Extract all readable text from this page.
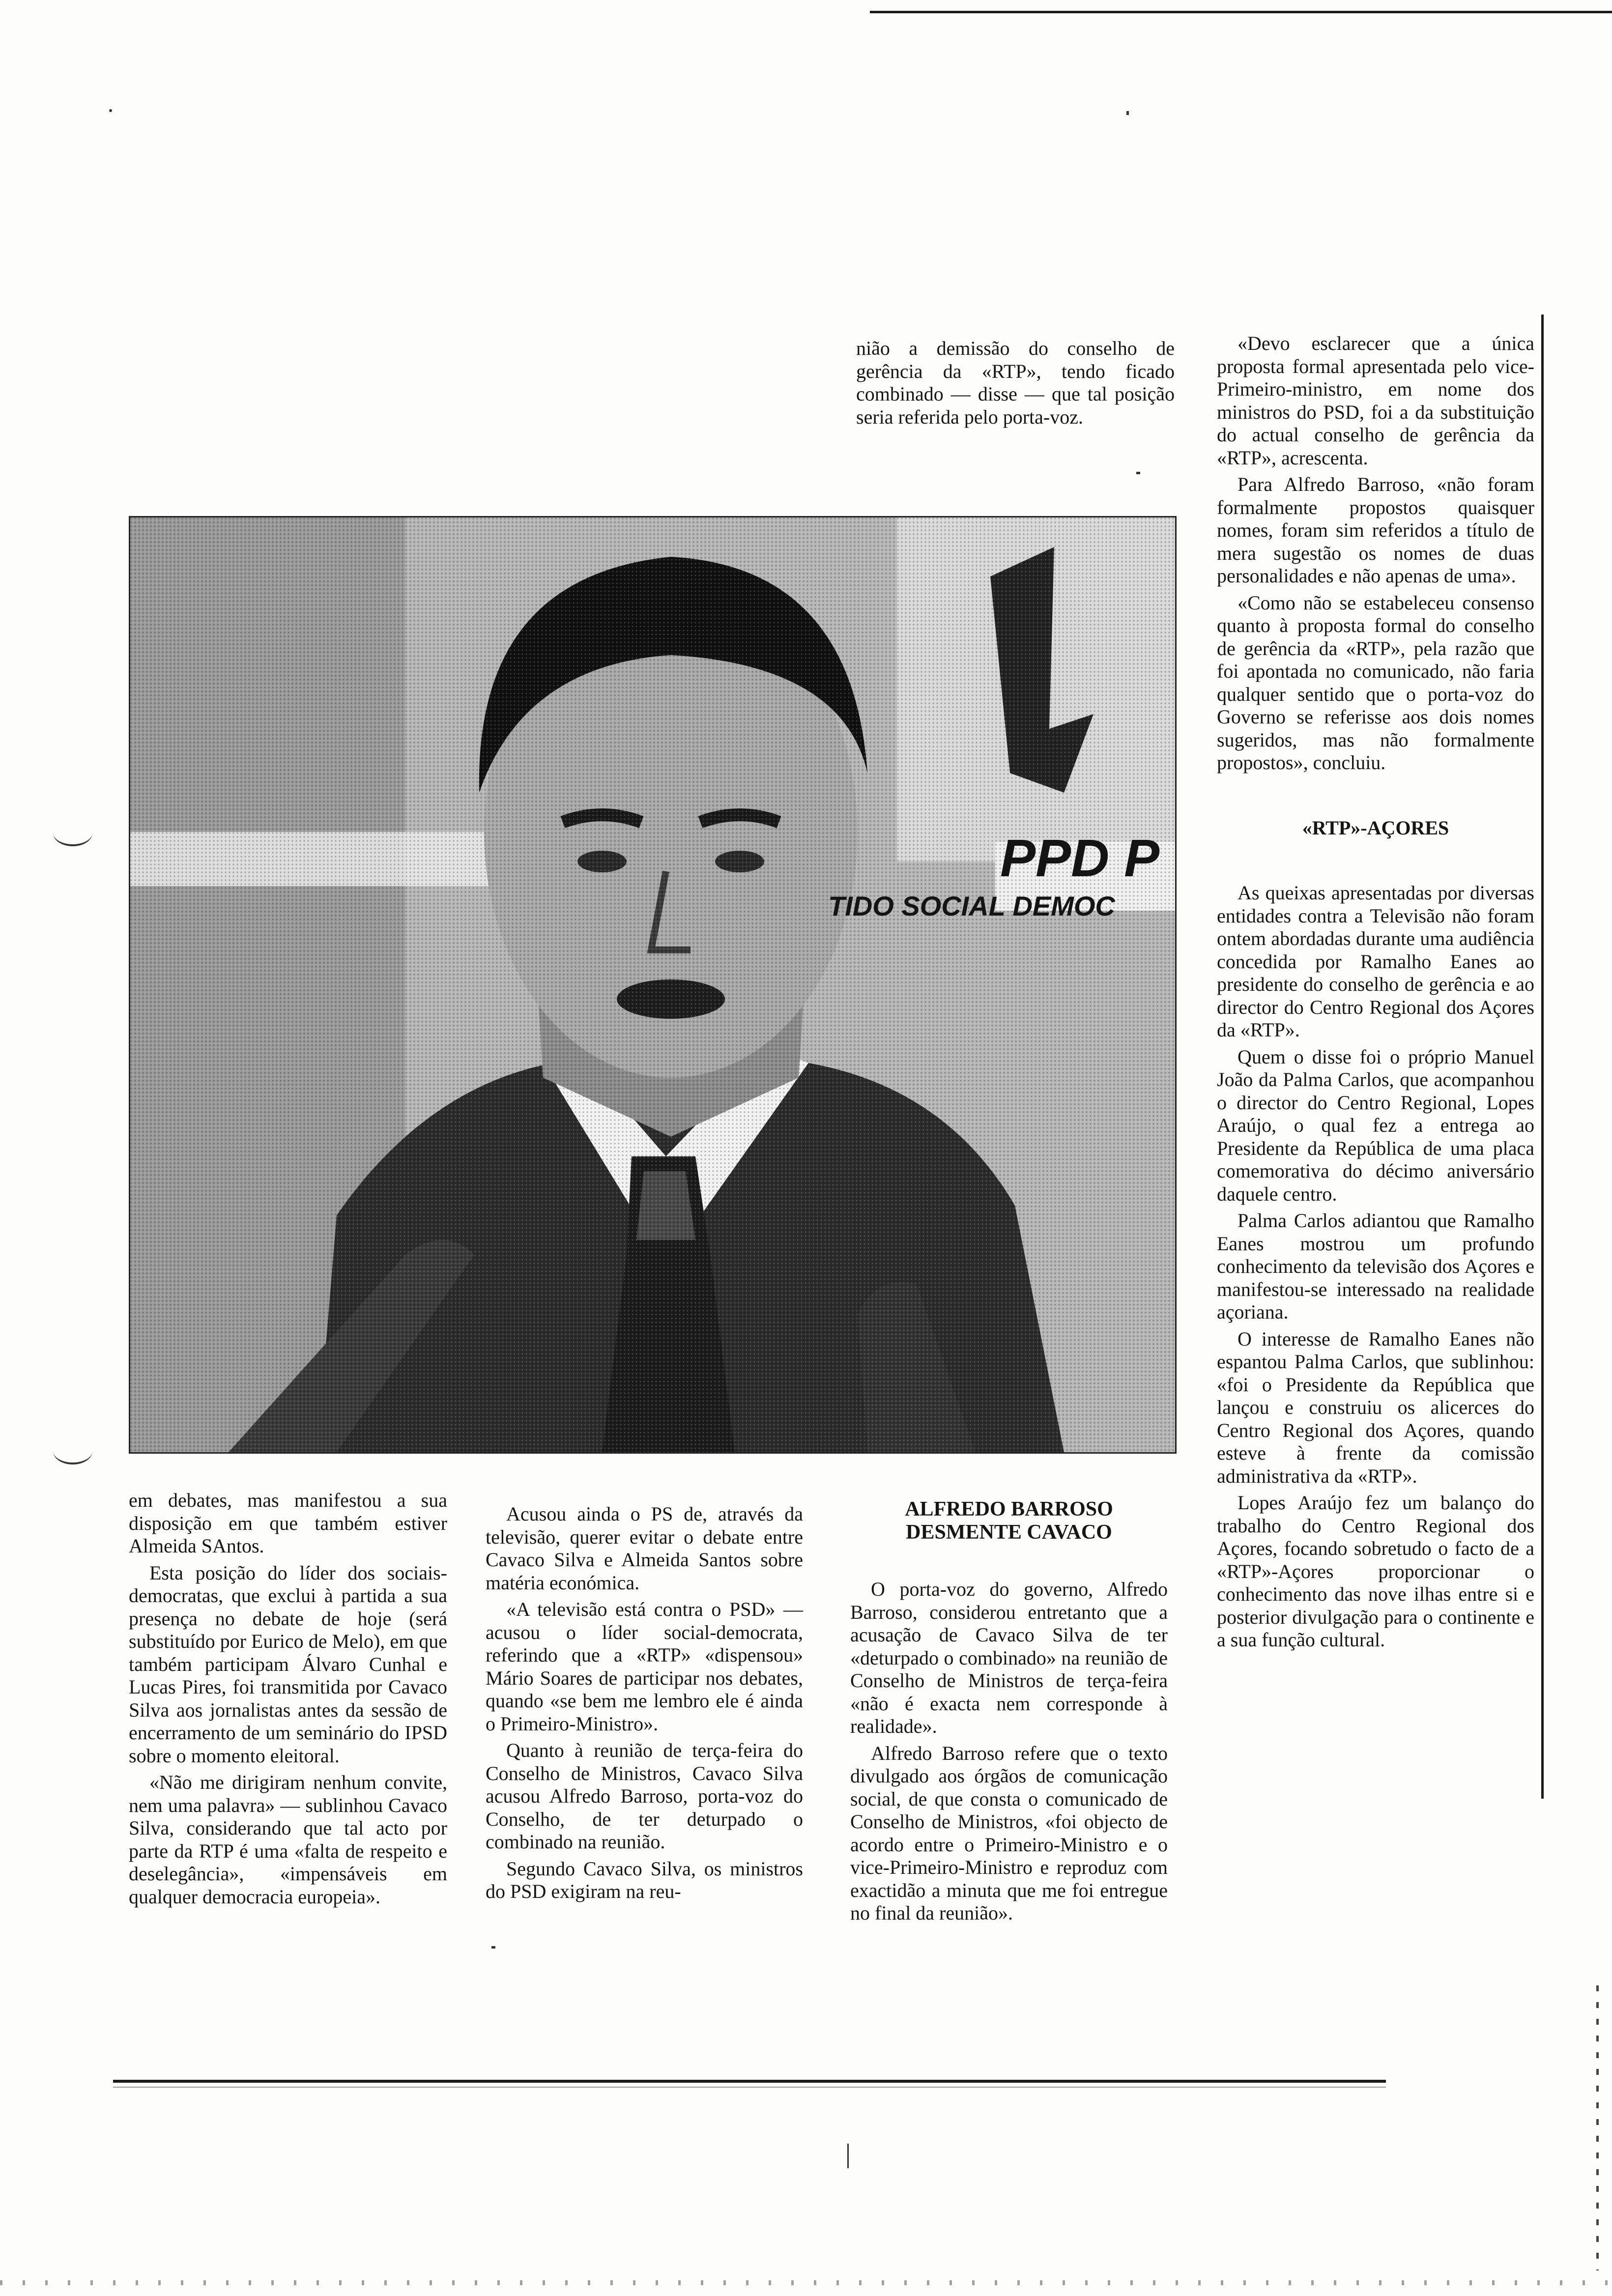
nião a demissão do conselho de gerência da «RTP», tendo ficado combinado — disse — que tal posição seria referida pelo porta-voz.

PPD P
TIDO SOCIAL DEMOC

«Devo esclarecer que a única proposta formal apresentada pelo vice-Primeiro-ministro, em nome dos ministros do PSD, foi a da substituição do actual conselho de gerência da «RTP», acrescenta.

Para Alfredo Barroso, «não foram formalmente propostos quaisquer nomes, foram sim referidos a título de mera sugestão os nomes de duas personalidades e não apenas de uma».

«Como não se estabeleceu consenso quanto à proposta formal do conselho de gerência da «RTP», pela razão que foi apontada no comunicado, não faria qualquer sentido que o porta-voz do Governo se referisse aos dois nomes sugeridos, mas não formalmente propostos», concluiu.

«RTP»-AÇORES

As queixas apresentadas por diversas entidades contra a Televisão não foram ontem abordadas durante uma audiência concedida por Ramalho Eanes ao presidente do conselho de gerência e ao director do Centro Regional dos Açores da «RTP».

Quem o disse foi o próprio Manuel João da Palma Carlos, que acompanhou o director do Centro Regional, Lopes Araújo, o qual fez a entrega ao Presidente da República de uma placa comemorativa do décimo aniversário daquele centro.

Palma Carlos adiantou que Ramalho Eanes mostrou um profundo conhecimento da televisão dos Açores e manifestou-se interessado na realidade açoriana.

O interesse de Ramalho Eanes não espantou Palma Carlos, que sublinhou: «foi o Presidente da República que lançou e construiu os alicerces do Centro Regional dos Açores, quando esteve à frente da comissão administrativa da «RTP».

Lopes Araújo fez um balanço do trabalho do Centro Regional dos Açores, focando sobretudo o facto de a «RTP»-Açores proporcionar o conhecimento das nove ilhas entre si e posterior divulgação para o continente e a sua função cultural.

em debates, mas manifestou a sua disposição em que também estiver Almeida SAntos.

Esta posição do líder dos sociais-democratas, que exclui à partida a sua presença no debate de hoje (será substituído por Eurico de Melo), em que também participam Álvaro Cunhal e Lucas Pires, foi transmitida por Cavaco Silva aos jornalistas antes da sessão de encerramento de um seminário do IPSD sobre o momento eleitoral.

«Não me dirigiram nenhum convite, nem uma palavra» — sublinhou Cavaco Silva, considerando que tal acto por parte da RTP é uma «falta de respeito e deselegância», «impensáveis em qualquer democracia europeia».

Acusou ainda o PS de, através da televisão, querer evitar o debate entre Cavaco Silva e Almeida Santos sobre matéria económica.

«A televisão está contra o PSD» — acusou o líder social-democrata, referindo que a «RTP» «dispensou» Mário Soares de participar nos debates, quando «se bem me lembro ele é ainda o Primeiro-Ministro».

Quanto à reunião de terça-feira do Conselho de Ministros, Cavaco Silva acusou Alfredo Barroso, porta-voz do Conselho, de ter deturpado o combinado na reunião.

Segundo Cavaco Silva, os ministros do PSD exigiram na reu-

ALFREDO BARROSO

DESMENTE CAVACO

O porta-voz do governo, Alfredo Barroso, considerou entretanto que a acusação de Cavaco Silva de ter «deturpado o combinado» na reunião de Conselho de Ministros de terça-feira «não é exacta nem corresponde à realidade».

Alfredo Barroso refere que o texto divulgado aos órgãos de comunicação social, de que consta o comunicado de Conselho de Ministros, «foi objecto de acordo entre o Primeiro-Ministro e o vice-Primeiro-Ministro e reproduz com exactidão a minuta que me foi entregue no final da reunião».
